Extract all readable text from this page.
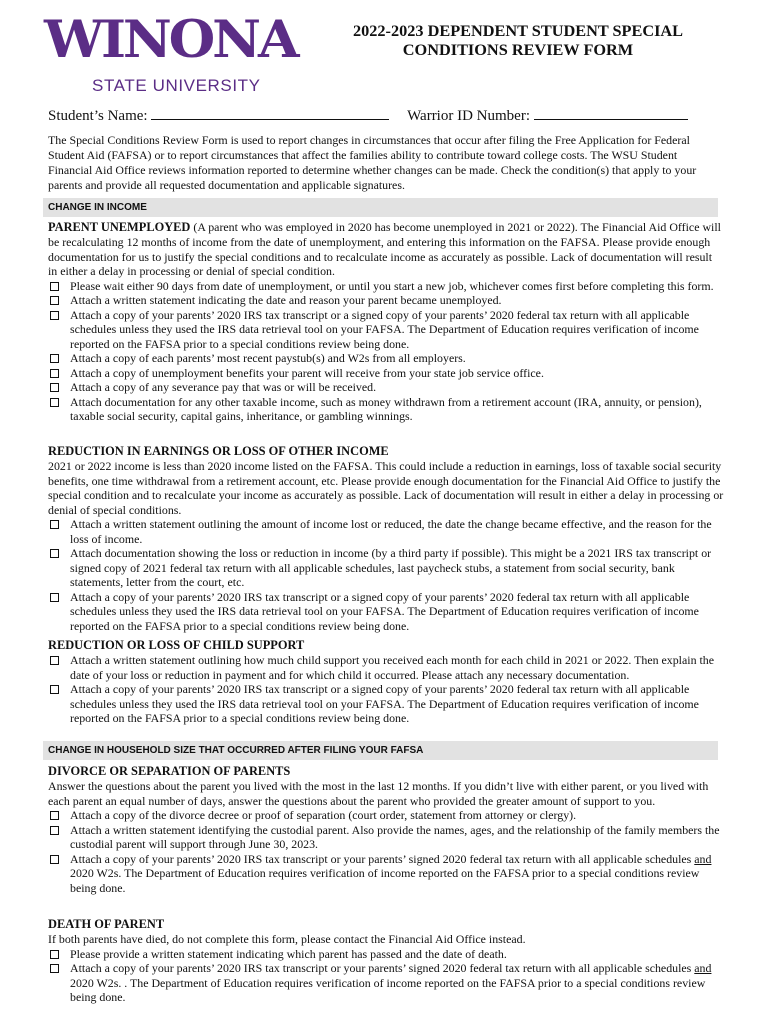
WINONA
STATE UNIVERSITY
2022-2023 DEPENDENT STUDENT SPECIAL
CONDITIONS REVIEW FORM
Student’s Name:	Warrior ID Number:
The Special Conditions Review Form is used to report changes in circumstances that occur after filing the Free Application for Federal Student Aid (FAFSA) or to report circumstances that affect the families ability to contribute toward college costs. The WSU Student Financial Aid Office reviews information reported to determine whether changes can be made. Check the condition(s) that apply to your parents and provide all requested documentation and applicable signatures.
CHANGE IN INCOME

PARENT UNEMPLOYED (A parent who was employed in 2020 has become unemployed in 2021 or 2022). The Financial Aid Office will be recalculating 12 months of income from the date of unemployment, and entering this information on the FAFSA. Please provide enough documentation for us to justify the special conditions and to recalculate income as accurately as possible. Lack of documentation will result in either a delay in processing or denial of special condition.

Please wait either 90 days from date of unemployment, or until you start a new job, whichever comes first before completing this form.
Attach a written statement indicating the date and reason your parent became unemployed.
Attach a copy of your parents’ 2020 IRS tax transcript or a signed copy of your parents’ 2020 federal tax return with all applicable schedules unless they used the IRS data retrieval tool on your FAFSA. The Department of Education requires verification of income reported on the FAFSA prior to a special conditions review being done.
Attach a copy of each parents’ most recent paystub(s) and W2s from all employers.
Attach a copy of unemployment benefits your parent will receive from your state job service office.
Attach a copy of any severance pay that was or will be received.
Attach documentation for any other taxable income, such as money withdrawn from a retirement account (IRA, annuity, or pension), taxable social security, capital gains, inheritance, or gambling winnings.
REDUCTION IN EARNINGS OR LOSS OF OTHER INCOME

2021 or 2022 income is less than 2020 income listed on the FAFSA. This could include a reduction in earnings, loss of taxable social security benefits, one time withdrawal from a retirement account, etc. Please provide enough documentation for the Financial Aid Office to justify the special condition and to recalculate your income as accurately as possible. Lack of documentation will result in either a delay in processing or denial of special conditions.

Attach a written statement outlining the amount of income lost or reduced, the date the change became effective, and the reason for the loss of income.
Attach documentation showing the loss or reduction in income (by a third party if possible). This might be a 2021 IRS tax transcript or signed copy of 2021 federal tax return with all applicable schedules, last paycheck stubs, a statement from social security, bank statements, letter from the court, etc.
Attach a copy of your parents’ 2020 IRS tax transcript or a signed copy of your parents’ 2020 federal tax return with all applicable schedules unless they used the IRS data retrieval tool on your FAFSA. The Department of Education requires verification of income reported on the FAFSA prior to a special conditions review being done.
REDUCTION OR LOSS OF CHILD SUPPORT
Attach a written statement outlining how much child support you received each month for each child in 2021 or 2022. Then explain the date of your loss or reduction in payment and for which child it occurred. Please attach any necessary documentation.
Attach a copy of your parents’ 2020 IRS tax transcript or a signed copy of your parents’ 2020 federal tax return with all applicable schedules unless they used the IRS data retrieval tool on your FAFSA. The Department of Education requires verification of income reported on the FAFSA prior to a special conditions review being done.
CHANGE IN HOUSEHOLD SIZE THAT OCCURRED AFTER FILING YOUR FAFSA
DIVORCE OR SEPARATION OF PARENTS

Answer the questions about the parent you lived with the most in the last 12 months. If you didn’t live with either parent, or you lived with each parent an equal number of days, answer the questions about the parent who provided the greater amount of support to you.

Attach a copy of the divorce decree or proof of separation (court order, statement from attorney or clergy).
Attach a written statement identifying the custodial parent. Also provide the names, ages, and the relationship of the family members the custodial parent will support through June 30, 2023.
Attach a copy of your parents’ 2020 IRS tax transcript or your parents’ signed 2020 federal tax return with all applicable schedules and 2020 W2s. The Department of Education requires verification of income reported on the FAFSA prior to a special conditions review being done.
DEATH OF PARENT

If both parents have died, do not complete this form, please contact the Financial Aid Office instead.

Please provide a written statement indicating which parent has passed and the date of death.
Attach a copy of your parents’ 2020 IRS tax transcript or your parents’ signed 2020 federal tax return with all applicable schedules and 2020 W2s. . The Department of Education requires verification of income reported on the FAFSA prior to a special conditions review being done.
